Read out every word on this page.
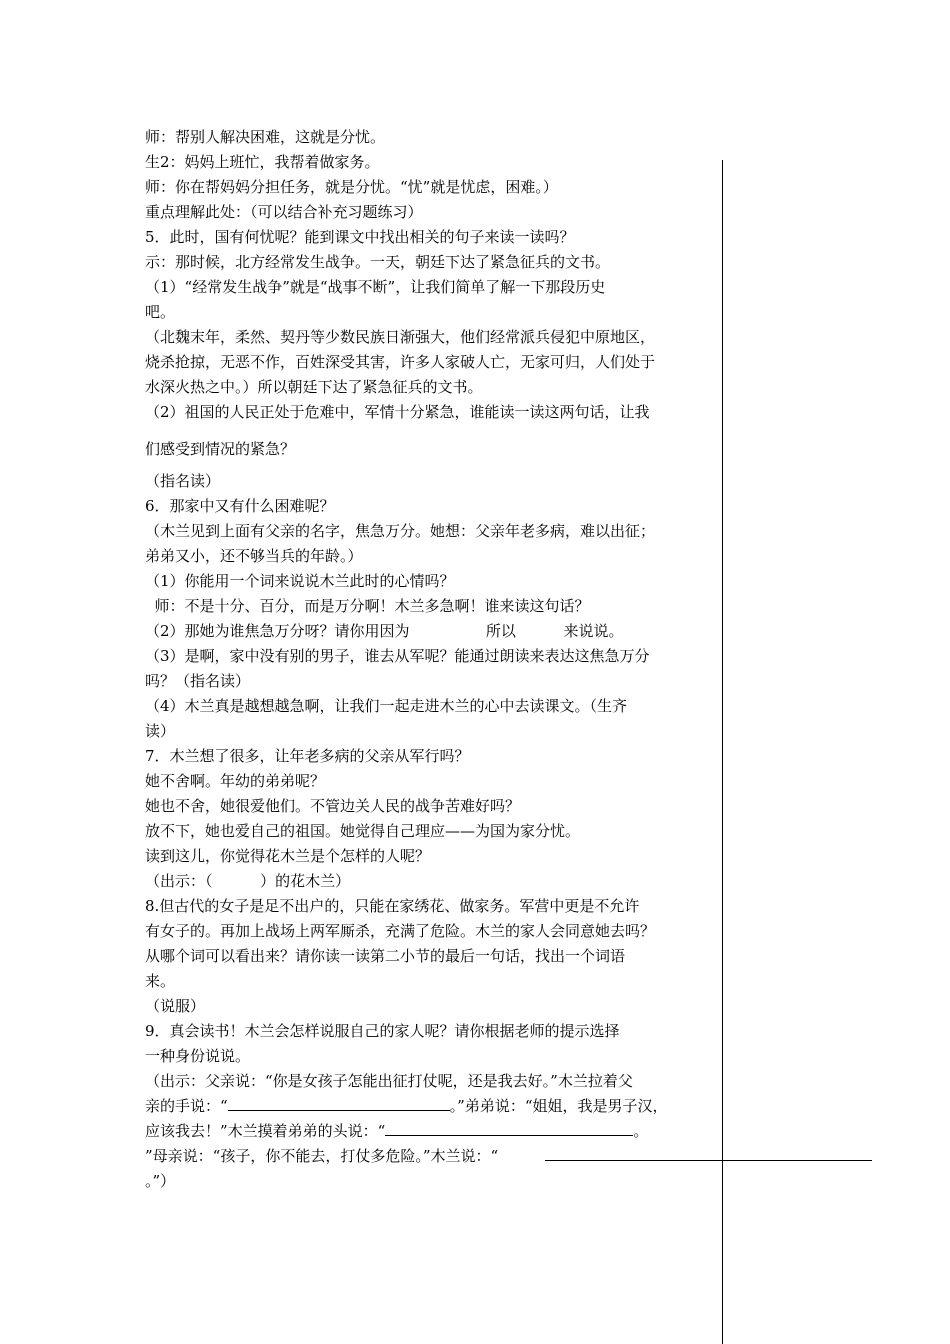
师：帮别人解决困难，这就是分忧。
生2：妈妈上班忙，我帮着做家务。
师：你在帮妈妈分担任务，就是分忧。“忧”就是忧虑，困难。）
重点理解此处：（可以结合补充习题练习）
5．此时，国有何忧呢？能到课文中找出相关的句子来读一读吗？
示：那时候，北方经常发生战争。一天，朝廷下达了紧急征兵的文书。
（1）“经常发生战争”就是“战事不断”，让我们简单了解一下那段历史
吧。
（北魏末年，柔然、契丹等少数民族日渐强大，他们经常派兵侵犯中原地区，
烧杀抢掠，无恶不作，百姓深受其害，许多人家破人亡，无家可归，人们处于
水深火热之中。）所以朝廷下达了紧急征兵的文书。
（2）祖国的人民正处于危难中，军情十分紧急，谁能读一读这两句话，让我
们感受到情况的紧急？
（指名读）
6．那家中又有什么困难呢？
（木兰见到上面有父亲的名字，焦急万分。她想：父亲年老多病，难以出征；
弟弟又小，还不够当兵的年龄。）
（1）你能用一个词来说说木兰此时的心情吗？
师：不是十分、百分，而是万分啊！木兰多急啊！谁来读这句话？
（2）那她为谁焦急万分呀？请你用因为                所以          来说说。
（3）是啊，家中没有别的男子，谁去从军呢？能通过朗读来表达这焦急万分
吗？（指名读）
（4）木兰真是越想越急啊，让我们一起走进木兰的心中去读课文。（生齐
读）
7．木兰想了很多，让年老多病的父亲从军行吗？
她不舍啊。年幼的弟弟呢？
她也不舍，她很爱他们。不管边关人民的战争苦难好吗？
放不下，她也爱自己的祖国。她觉得自己理应——为国为家分忧。
读到这儿，你觉得花木兰是个怎样的人呢？
（出示：（          ）的花木兰）
8.但古代的女子是足不出户的，只能在家绣花、做家务。军营中更是不允许
有女子的。再加上战场上两军厮杀，充满了危险。木兰的家人会同意她去吗？
从哪个词可以看出来？请你读一读第二小节的最后一句话，找出一个词语
来。
（说服）
9．真会读书！木兰会怎样说服自己的家人呢？请你根据老师的提示选择
一种身份说说。
（出示：父亲说：“你是女孩子怎能出征打仗呢，还是我去好。”木兰拉着父
亲的手说：“	。”弟弟说：“姐姐，我是男子汉，
应该我去！”木兰摸着弟弟的头说：“	。
”母亲说：“孩子，你不能去，打仗多危险。”木兰说：“
。”）
